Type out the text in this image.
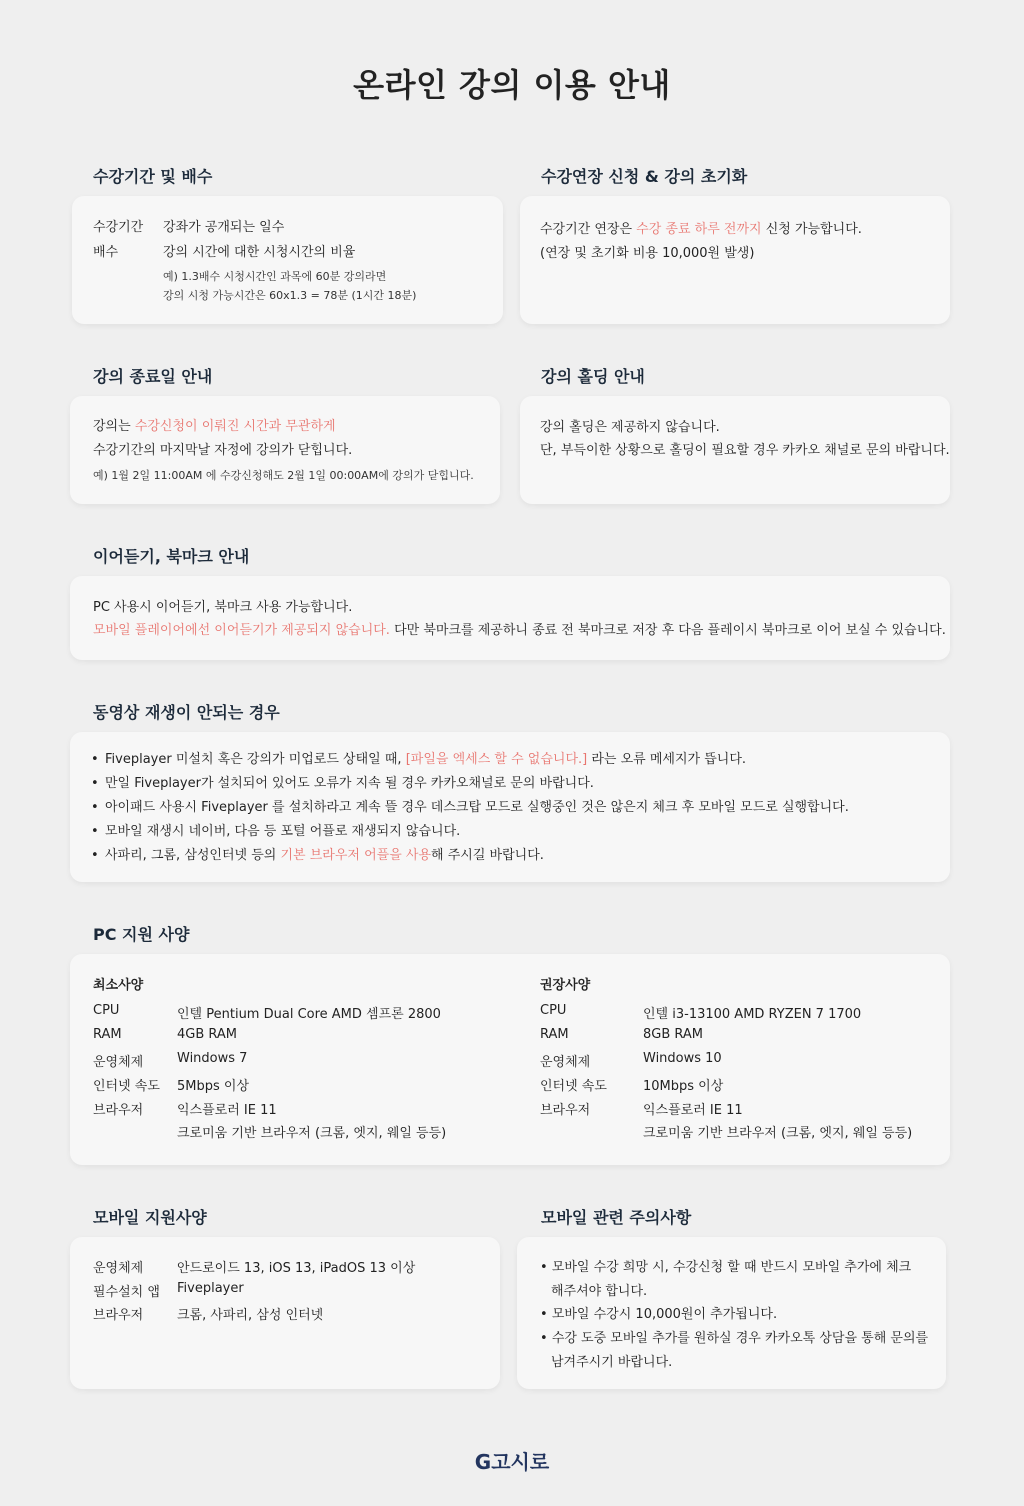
온라인 강의 이용 안내
수강기간 및 배수
수강기간 강좌가 공개되는 일수
배수	강의 시간에 대한 시청시간의 비율
예) 1.3배수 시청시간인 과목에 60분 강의라면
강의 시청 가능시간은 60x1.3 = 78분 (1시간 18분)
수강연장 신청 & 강의 초기화
수강기간 연장은 수강 종료 하루 전까지 신청 가능합니다.
(연장 및 초기화 비용 10,000원 발생)
강의 종료일 안내
강의는 수강신청이 이뤄진 시간과 무관하게
수강기간의 마지막날 자정에 강의가 닫힙니다.
예) 1월 2일 11:00AM 에 수강신청해도 2월 1일 00:00AM에 강의가 닫힙니다.
강의 홀딩 안내
강의 홀딩은 제공하지 않습니다.
단, 부득이한 상황으로 홀딩이 필요할 경우 카카오 채널로 문의 바랍니다.
이어듣기, 북마크 안내
PC 사용시 이어듣기, 북마크 사용 가능합니다.
모바일 플레이어에선 이어듣기가 제공되지 않습니다. 다만 북마크를 제공하니 종료 전 북마크로 저장 후 다음 플레이시 북마크로 이어 보실 수 있습니다.
동영상 재생이 안되는 경우
• Fiveplayer 미설치 혹은 강의가 미업로드 상태일 때, [파일을 엑세스 할 수 없습니다.] 라는 오류 메세지가 뜹니다.
• 만일 Fiveplayer가 설치되어 있어도 오류가 지속 될 경우 카카오채널로 문의 바랍니다.
• 아이패드 사용시 Fiveplayer 를 설치하라고 계속 뜰 경우 데스크탑 모드로 실행중인 것은 않은지 체크 후 모바일 모드로 실행합니다.
• 모바일 재생시 네이버, 다음 등 포털 어플로 재생되지 않습니다.
• 사파리, 그롬, 삼성인터넷 등의 기본 브라우저 어플을 사용해 주시길 바랍니다.
PC 지원 사양
최소사양
CPU	인텔 Pentium Dual Core AMD 셈프론 2800
RAM	4GB RAM
운영체제	Windows 7
인터넷 속도 5Mbps 이상
브라우저	익스플로러 IE 11
크로미움 기반 브라우저 (크롬, 엣지, 웨일 등등)
권장사양
CPU	인텔 i3-13100 AMD RYZEN 7 1700
RAM	8GB RAM
운영체제	Windows 10
인터넷 속도	10Mbps 이상
브라우저	익스플로러 IE 11
크로미움 기반 브라우저 (크롬, 엣지, 웨일 등등)
모바일 지원사양
운영체제	안드로이드 13, iOS 13, iPadOS 13 이상
필수설치 앱 Fiveplayer
브라우저	크롬, 사파리, 삼성 인터넷
모바일 관련 주의사항
• 모바일 수강 희망 시, 수강신청 할 때 반드시 모바일 추가에 체크
해주셔야 합니다.
• 모바일 수강시 10,000원이 추가됩니다.
• 수강 도중 모바일 추가를 원하실 경우 카카오톡 상담을 통해 문의를
남겨주시기 바랍니다.
G고시로
